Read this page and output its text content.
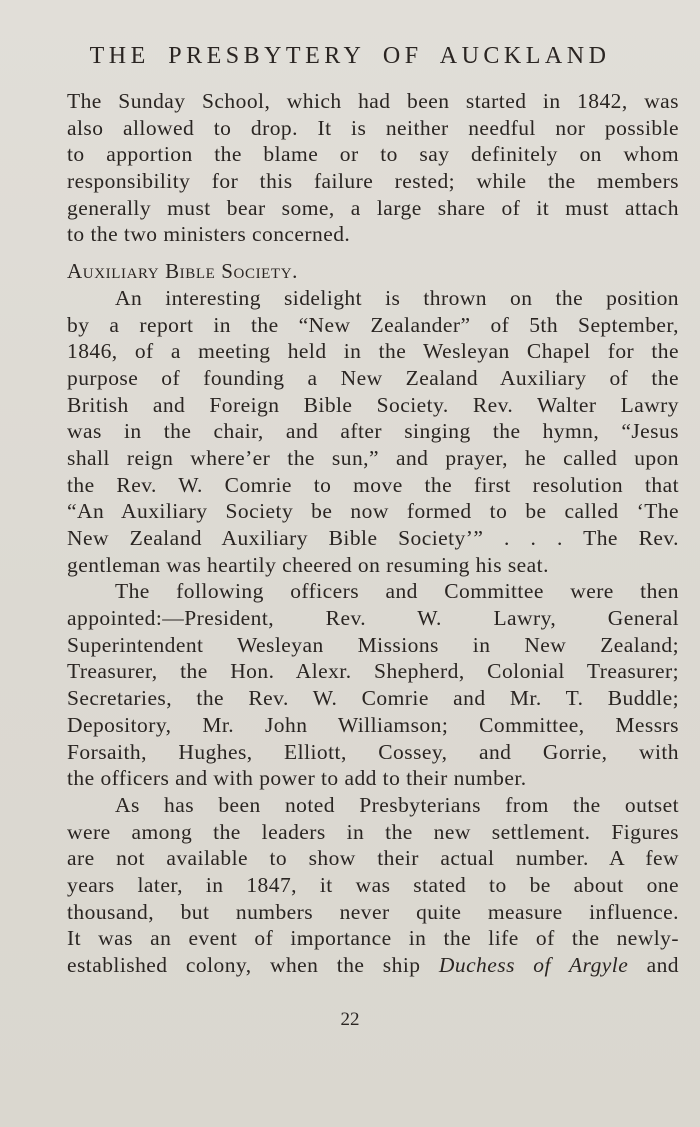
THE PRESBYTERY OF AUCKLAND
The Sunday School, which had been started in 1842, was
also allowed to drop. It is neither needful nor possible
to apportion the blame or to say definitely on whom
responsibility for this failure rested; while the members
generally must bear some, a large share of it must attach
to the two ministers concerned.
Auxiliary Bible Society.
An interesting sidelight is thrown on the position
by a report in the “New Zealander” of 5th September,
1846, of a meeting held in the Wesleyan Chapel for the
purpose of founding a New Zealand Auxiliary of the
British and Foreign Bible Society. Rev. Walter Lawry
was in the chair, and after singing the hymn, “Jesus
shall reign where’er the sun,” and prayer, he called upon
the Rev. W. Comrie to move the first resolution that
“An Auxiliary Society be now formed to be called ‘The
New Zealand Auxiliary Bible Society’” . . . The Rev.
gentleman was heartily cheered on resuming his seat.
The following officers and Committee were then
appointed:—President, Rev. W. Lawry, General
Superintendent Wesleyan Missions in New Zealand;
Treasurer, the Hon. Alexr. Shepherd, Colonial Treasurer;
Secretaries, the Rev. W. Comrie and Mr. T. Buddle;
Depository, Mr. John Williamson; Committee, Messrs
Forsaith, Hughes, Elliott, Cossey, and Gorrie, with
the officers and with power to add to their number.
As has been noted Presbyterians from the outset
were among the leaders in the new settlement. Figures
are not available to show their actual number. A few
years later, in 1847, it was stated to be about one
thousand, but numbers never quite measure influence.
It was an event of importance in the life of the newly-
established colony, when the ship Duchess of Argyle and
22
